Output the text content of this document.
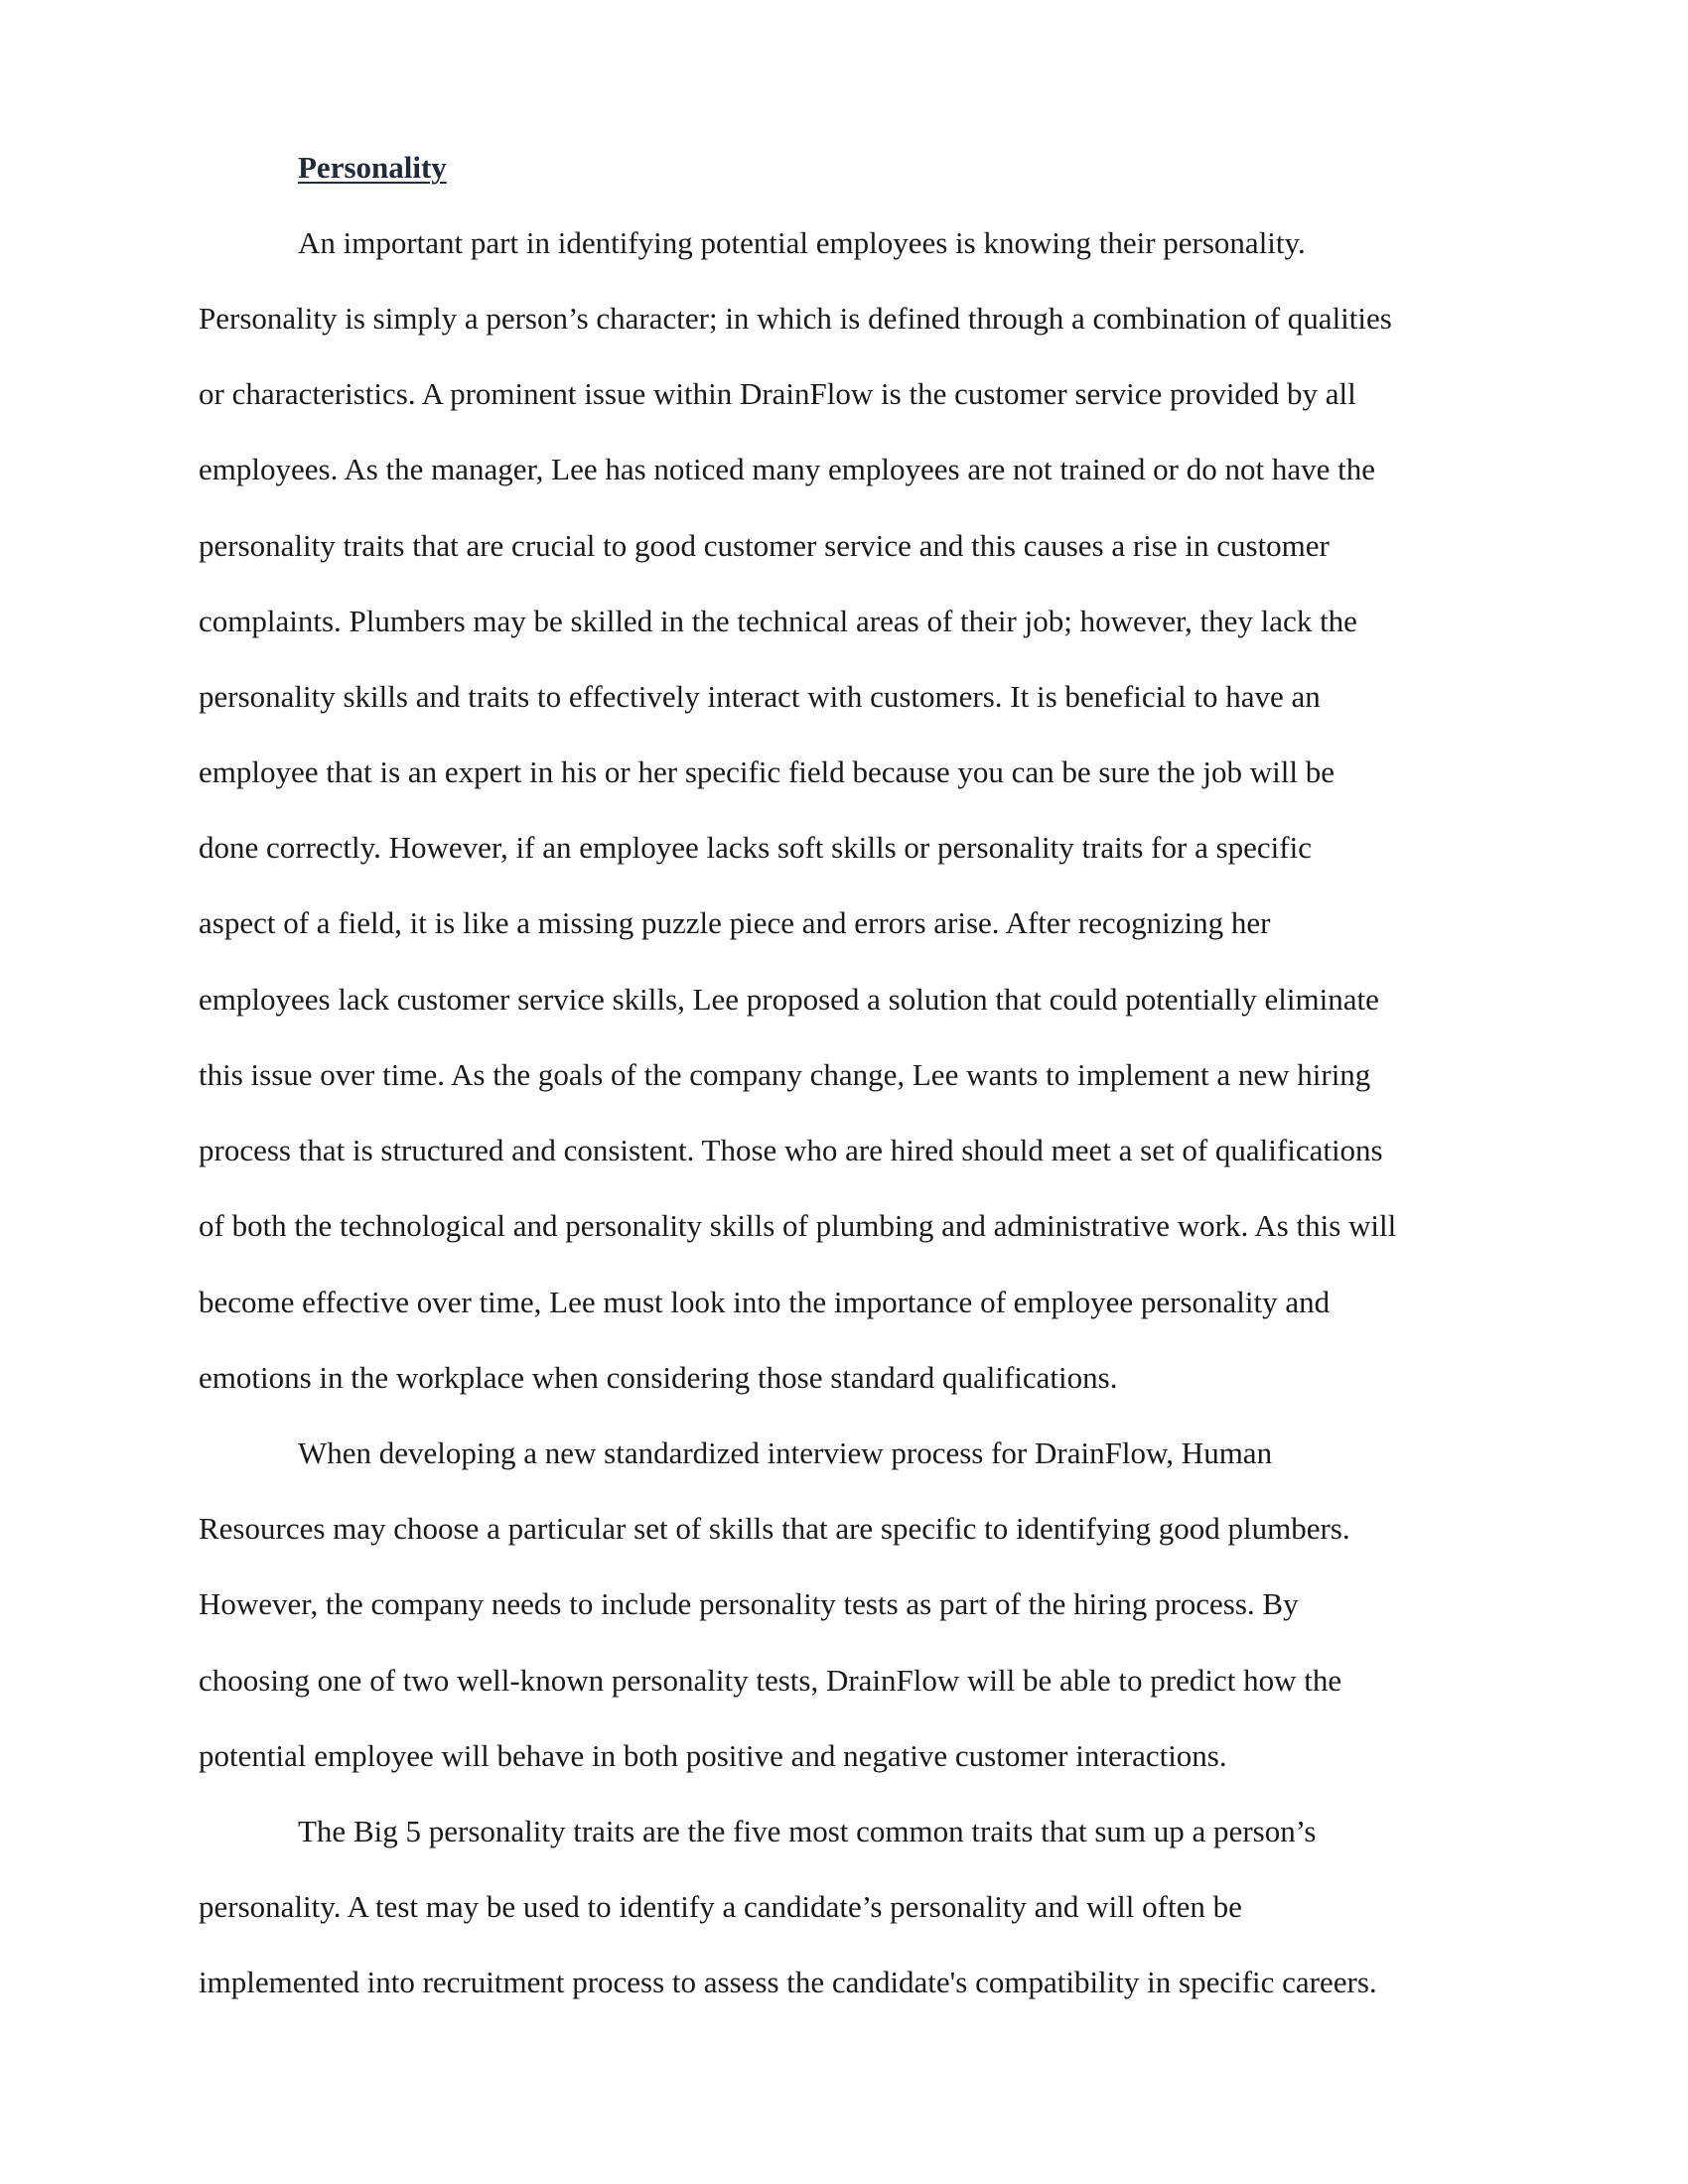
Personality
An important part in identifying potential employees is knowing their personality.
Personality is simply a person’s character; in which is defined through a combination of qualities
or characteristics. A prominent issue within DrainFlow is the customer service provided by all
employees. As the manager, Lee has noticed many employees are not trained or do not have the
personality traits that are crucial to good customer service and this causes a rise in customer
complaints. Plumbers may be skilled in the technical areas of their job; however, they lack the
personality skills and traits to effectively interact with customers. It is beneficial to have an
employee that is an expert in his or her specific field because you can be sure the job will be
done correctly. However, if an employee lacks soft skills or personality traits for a specific
aspect of a field, it is like a missing puzzle piece and errors arise. After recognizing her
employees lack customer service skills, Lee proposed a solution that could potentially eliminate
this issue over time. As the goals of the company change, Lee wants to implement a new hiring
process that is structured and consistent. Those who are hired should meet a set of qualifications
of both the technological and personality skills of plumbing and administrative work. As this will
become effective over time, Lee must look into the importance of employee personality and
emotions in the workplace when considering those standard qualifications.
When developing a new standardized interview process for DrainFlow, Human
Resources may choose a particular set of skills that are specific to identifying good plumbers.
However, the company needs to include personality tests as part of the hiring process. By
choosing one of two well-known personality tests, DrainFlow will be able to predict how the
potential employee will behave in both positive and negative customer interactions.
The Big 5 personality traits are the five most common traits that sum up a person’s
personality. A test may be used to identify a candidate’s personality and will often be
implemented into recruitment process to assess the candidate's compatibility in specific careers.
